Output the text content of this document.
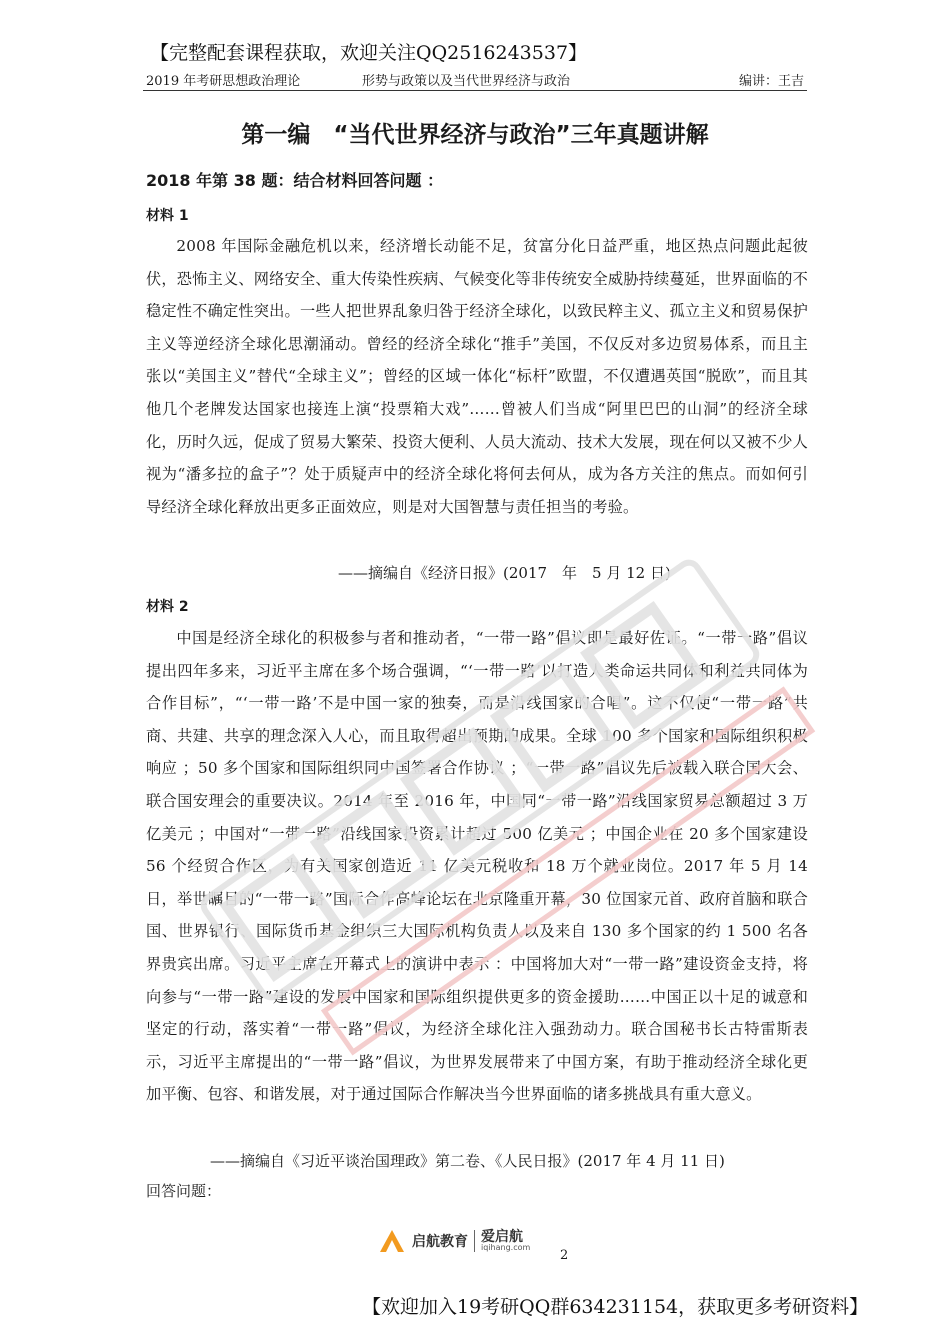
【完整配套课程获取，欢迎关注QQ2516243537】
2019 年考研思想政治理论	形势与政策以及当代世界经济与政治	编讲：王吉
第一编　“当代世界经济与政治”三年真题讲解
2018 年第 38 题：结合材料回答问题 ：
材料 1
2008 年国际金融危机以来，经济增长动能不足，贫富分化日益严重，地区热点问题此起彼伏，恐怖主义、网络安全、重大传染性疾病、气候变化等非传统安全威胁持续蔓延，世界面临的不稳定性不确定性突出。一些人把世界乱象归咎于经济全球化，以致民粹主义、孤立主义和贸易保护主义等逆经济全球化思潮涌动。曾经的经济全球化“推手”美国，不仅反对多边贸易体系，而且主张以“美国主义”替代“全球主义”；曾经的区域一体化“标杆”欧盟，不仅遭遇英国“脱欧”，而且其他几个老牌发达国家也接连上演“投票箱大戏”……曾被人们当成“阿里巴巴的山洞”的经济全球化，历时久远，促成了贸易大繁荣、投资大便利、人员大流动、技术大发展，现在何以又被不少人视为“潘多拉的盒子”？处于质疑声中的经济全球化将何去何从，成为各方关注的焦点。而如何引导经济全球化释放出更多正面效应，则是对大国智慧与责任担当的考验。
——摘编自《经济日报》(2017　年　5 月 12 日)
材料 2
中国是经济全球化的积极参与者和推动者，“一带一路”倡议即是最好佐证。“一带一路”倡议提出四年多来，习近平主席在多个场合强调，“‘一带一路’以打造人类命运共同体和利益共同体为合作目标”，“‘一带一路’不是中国一家的独奏，而是沿线国家的合唱”。这不仅使“一带一路”共商、共建、共享的理念深入人心，而且取得超出预期的成果。全球 100 多个国家和国际组织积极响应 ；50 多个国家和国际组织同中国签署合作协议 ；“一带一路”倡议先后被载入联合国大会、联合国安理会的重要决议。2014 年至 2016 年，中国同“一带一路”沿线国家贸易总额超过 3 万亿美元 ；中国对“一带一路”沿线国家投资累计超过 500 亿美元 ；中国企业在 20 多个国家建设 56 个经贸合作区，为有关国家创造近 11 亿美元税收和 18 万个就业岗位。2017 年 5 月 14 日，举世瞩目的“一带一路”国际合作高峰论坛在北京隆重开幕，30 位国家元首、政府首脑和联合国、世界银行、国际货币基金组织三大国际机构负责人以及来自 130 多个国家的约 1 500 名各界贵宾出席。习近平主席在开幕式上的演讲中表示 ：中国将加大对“一带一路”建设资金支持，将向参与“一带一路”建设的发展中国家和国际组织提供更多的资金援助……中国正以十足的诚意和坚定的行动，落实着“一带一路”倡议，为经济全球化注入强劲动力。联合国秘书长古特雷斯表示，习近平主席提出的“一带一路”倡议，为世界发展带来了中国方案，有助于推动经济全球化更加平衡、包容、和谐发展，对于通过国际合作解决当今世界面临的诸多挑战具有重大意义。
——摘编自《习近平谈治国理政》第二卷、《人民日报》(2017 年 4 月 11 日)
回答问题：
启航教育 爱启航
iqihang.com
2
【欢迎加入19考研QQ群634231154，获取更多考研资料】
